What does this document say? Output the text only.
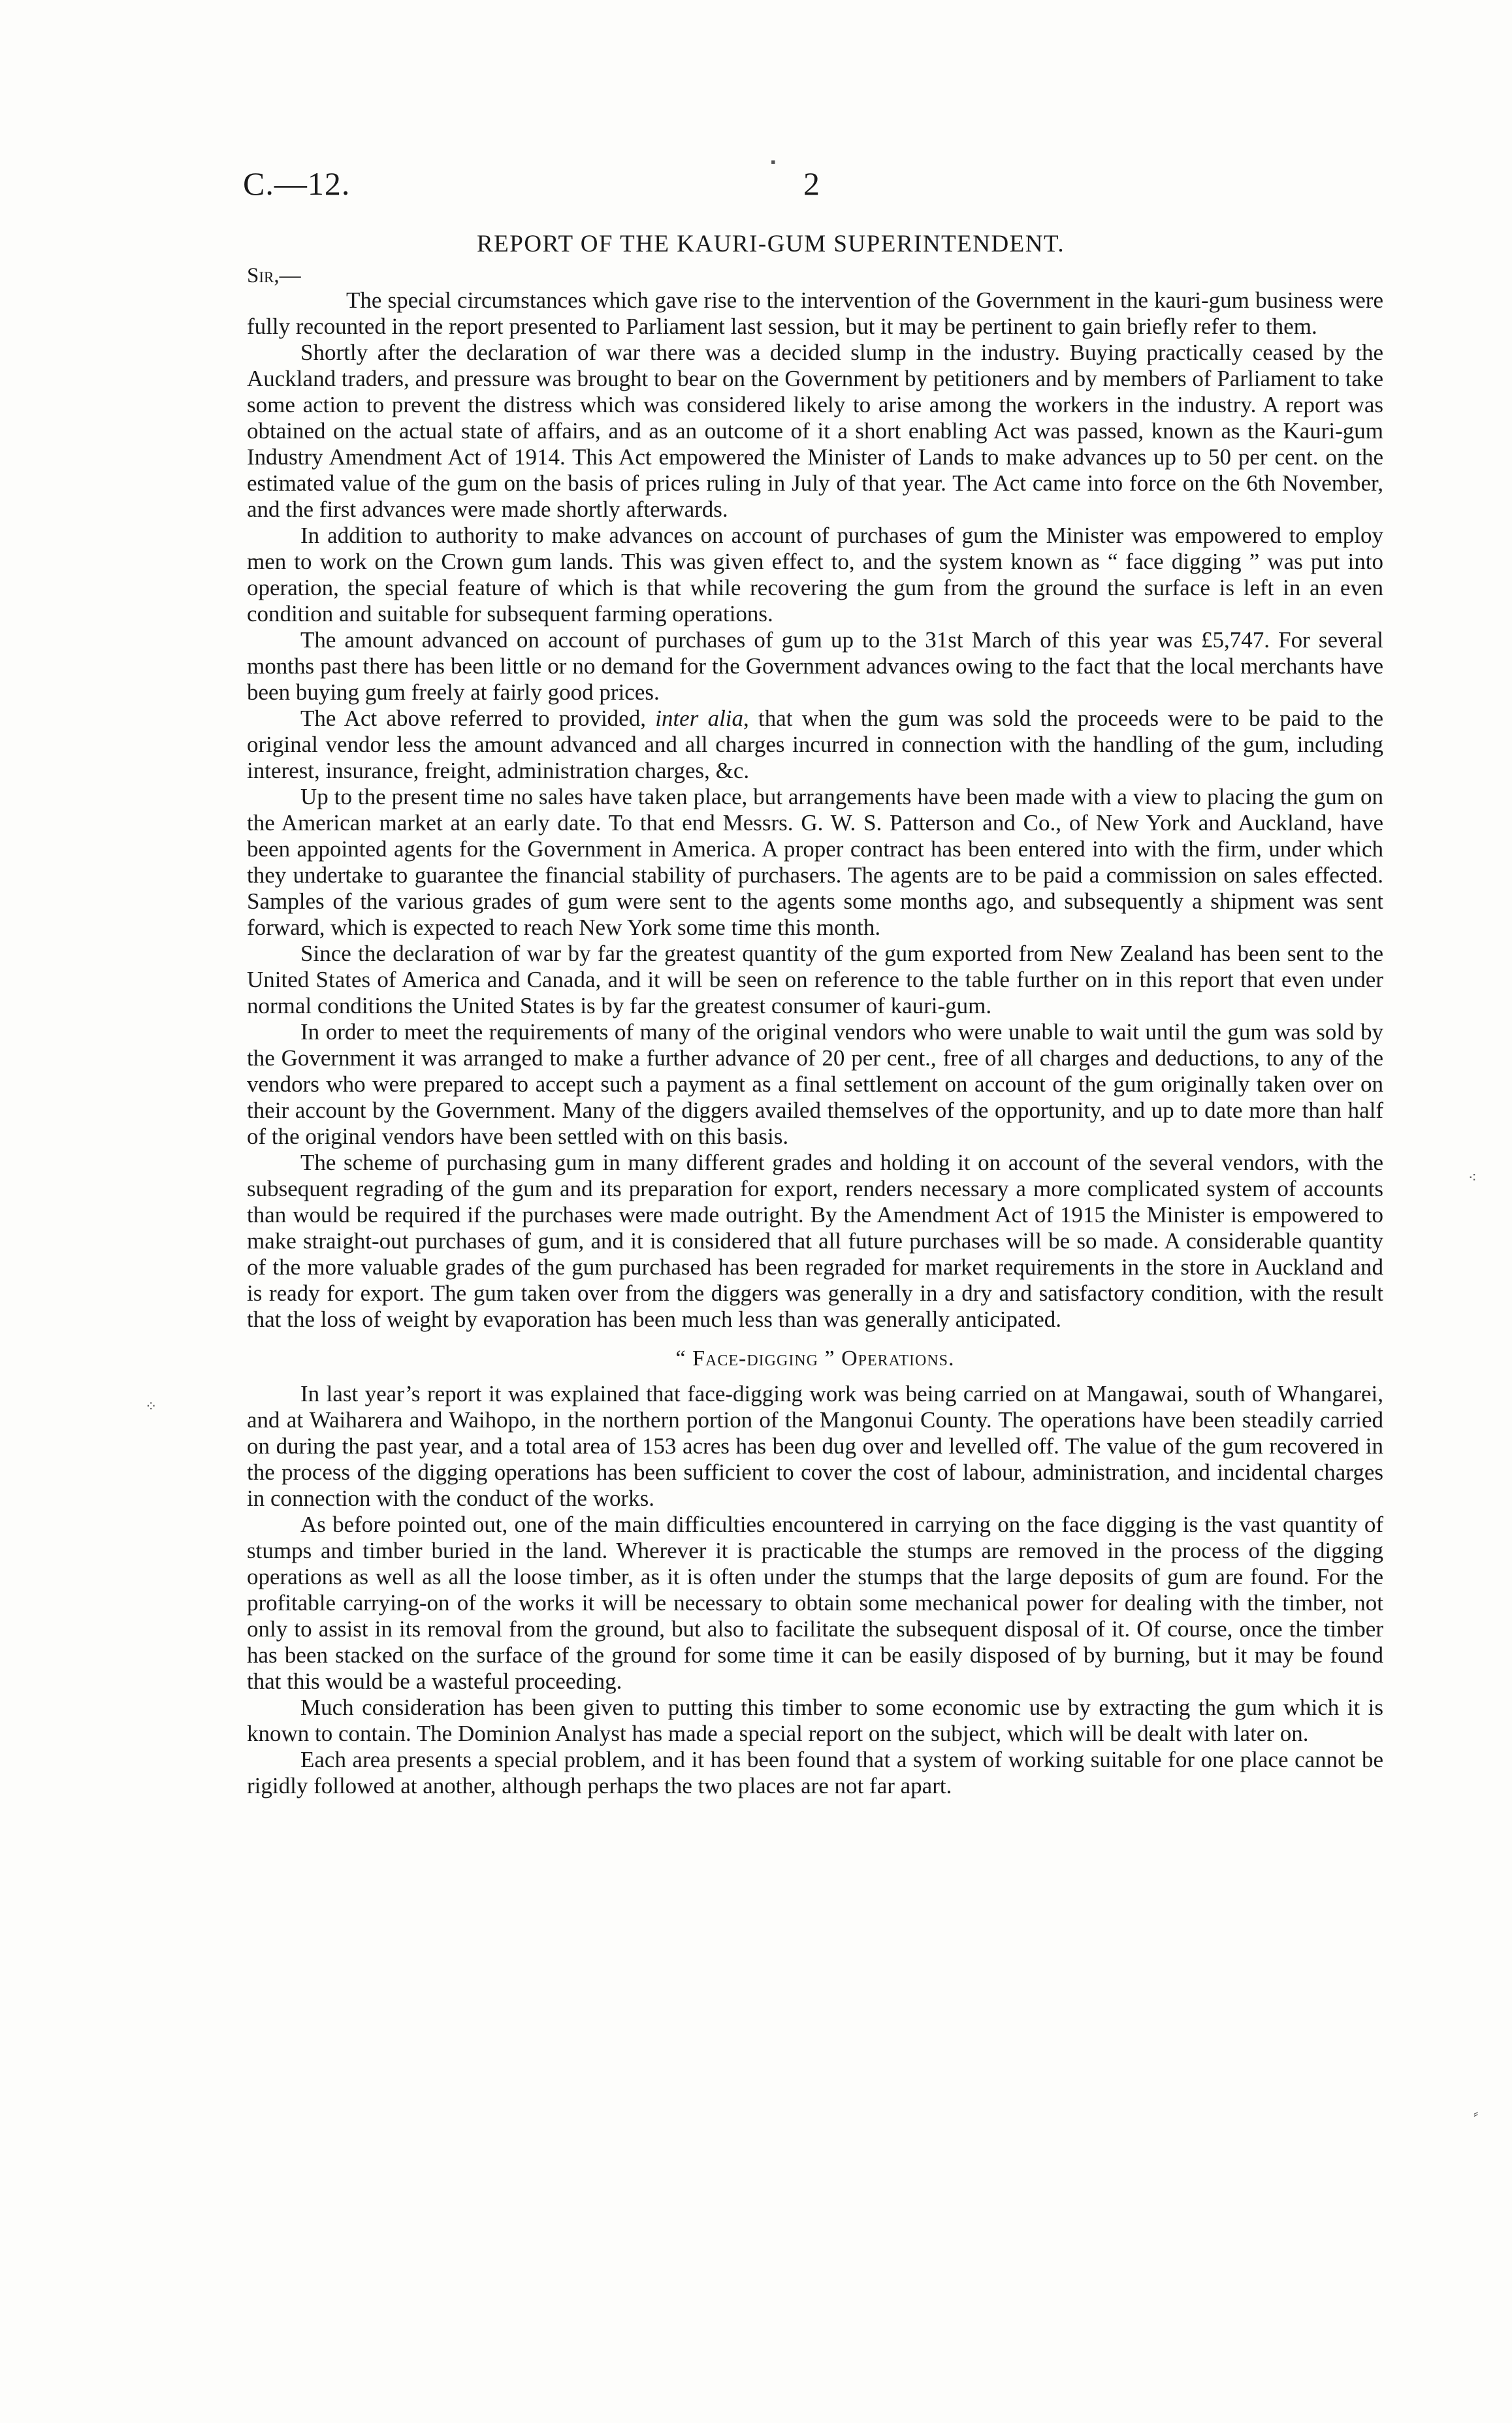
C.—12.	2
REPORT OF THE KAURI-GUM SUPERINTENDENT.
Sir,—

The special circumstances which gave rise to the intervention of the Government in the kauri-gum business were fully recounted in the report presented to Parliament last session, but it may be pertinent to gain briefly refer to them.

Shortly after the declaration of war there was a decided slump in the industry. Buying practically ceased by the Auckland traders, and pressure was brought to bear on the Government by petitioners and by members of Parliament to take some action to prevent the distress which was considered likely to arise among the workers in the industry. A report was obtained on the actual state of affairs, and as an outcome of it a short enabling Act was passed, known as the Kauri-gum Industry Amendment Act of 1914. This Act empowered the Minister of Lands to make advances up to 50 per cent. on the estimated value of the gum on the basis of prices ruling in July of that year. The Act came into force on the 6th November, and the first advances were made shortly afterwards.

In addition to authority to make advances on account of purchases of gum the Minister was empowered to employ men to work on the Crown gum lands. This was given effect to, and the system known as “ face digging ” was put into operation, the special feature of which is that while recovering the gum from the ground the surface is left in an even condition and suitable for subsequent farming operations.

The amount advanced on account of purchases of gum up to the 31st March of this year was £5,747. For several months past there has been little or no demand for the Government advances owing to the fact that the local merchants have been buying gum freely at fairly good prices.

The Act above referred to provided, inter alia, that when the gum was sold the proceeds were to be paid to the original vendor less the amount advanced and all charges incurred in connection with the handling of the gum, including interest, insurance, freight, administration charges, &c.

Up to the present time no sales have taken place, but arrangements have been made with a view to placing the gum on the American market at an early date. To that end Messrs. G. W. S. Patterson and Co., of New York and Auckland, have been appointed agents for the Government in America. A proper contract has been entered into with the firm, under which they undertake to guarantee the financial stability of purchasers. The agents are to be paid a commission on sales effected. Samples of the various grades of gum were sent to the agents some months ago, and subsequently a shipment was sent forward, which is expected to reach New York some time this month.

Since the declaration of war by far the greatest quantity of the gum exported from New Zealand has been sent to the United States of America and Canada, and it will be seen on reference to the table further on in this report that even under normal conditions the United States is by far the greatest consumer of kauri-gum.

In order to meet the requirements of many of the original vendors who were unable to wait until the gum was sold by the Government it was arranged to make a further advance of 20 per cent., free of all charges and deductions, to any of the vendors who were prepared to accept such a payment as a final settlement on account of the gum originally taken over on their account by the Government. Many of the diggers availed themselves of the opportunity, and up to date more than half of the original vendors have been settled with on this basis.

The scheme of purchasing gum in many different grades and holding it on account of the several vendors, with the subsequent regrading of the gum and its preparation for export, renders necessary a more complicated system of accounts than would be required if the purchases were made outright. By the Amendment Act of 1915 the Minister is empowered to make straight-out purchases of gum, and it is considered that all future purchases will be so made. A considerable quantity of the more valuable grades of the gum purchased has been regraded for market requirements in the store in Auckland and is ready for export. The gum taken over from the diggers was generally in a dry and satisfactory condition, with the result that the loss of weight by evaporation has been much less than was generally anticipated.

“ Face-digging ” Operations.

In last year’s report it was explained that face-digging work was being carried on at Mangawai, south of Whangarei, and at Waiharera and Waihopo, in the northern portion of the Mangonui County. The operations have been steadily carried on during the past year, and a total area of 153 acres has been dug over and levelled off. The value of the gum recovered in the process of the digging operations has been sufficient to cover the cost of labour, administration, and incidental charges in connection with the conduct of the works.

As before pointed out, one of the main difficulties encountered in carrying on the face digging is the vast quantity of stumps and timber buried in the land. Wherever it is practicable the stumps are removed in the process of the digging operations as well as all the loose timber, as it is often under the stumps that the large deposits of gum are found. For the profitable carrying-on of the works it will be necessary to obtain some mechanical power for dealing with the timber, not only to assist in its removal from the ground, but also to facilitate the subsequent disposal of it. Of course, once the timber has been stacked on the surface of the ground for some time it can be easily disposed of by burning, but it may be found that this would be a wasteful proceeding.

Much consideration has been given to putting this timber to some economic use by extracting the gum which it is known to contain. The Dominion Analyst has made a special report on the subject, which will be dealt with later on.

Each area presents a special problem, and it has been found that a system of working suitable for one place cannot be rigidly followed at another, although perhaps the two places are not far apart.

▪
⁘
⁖
⸗
